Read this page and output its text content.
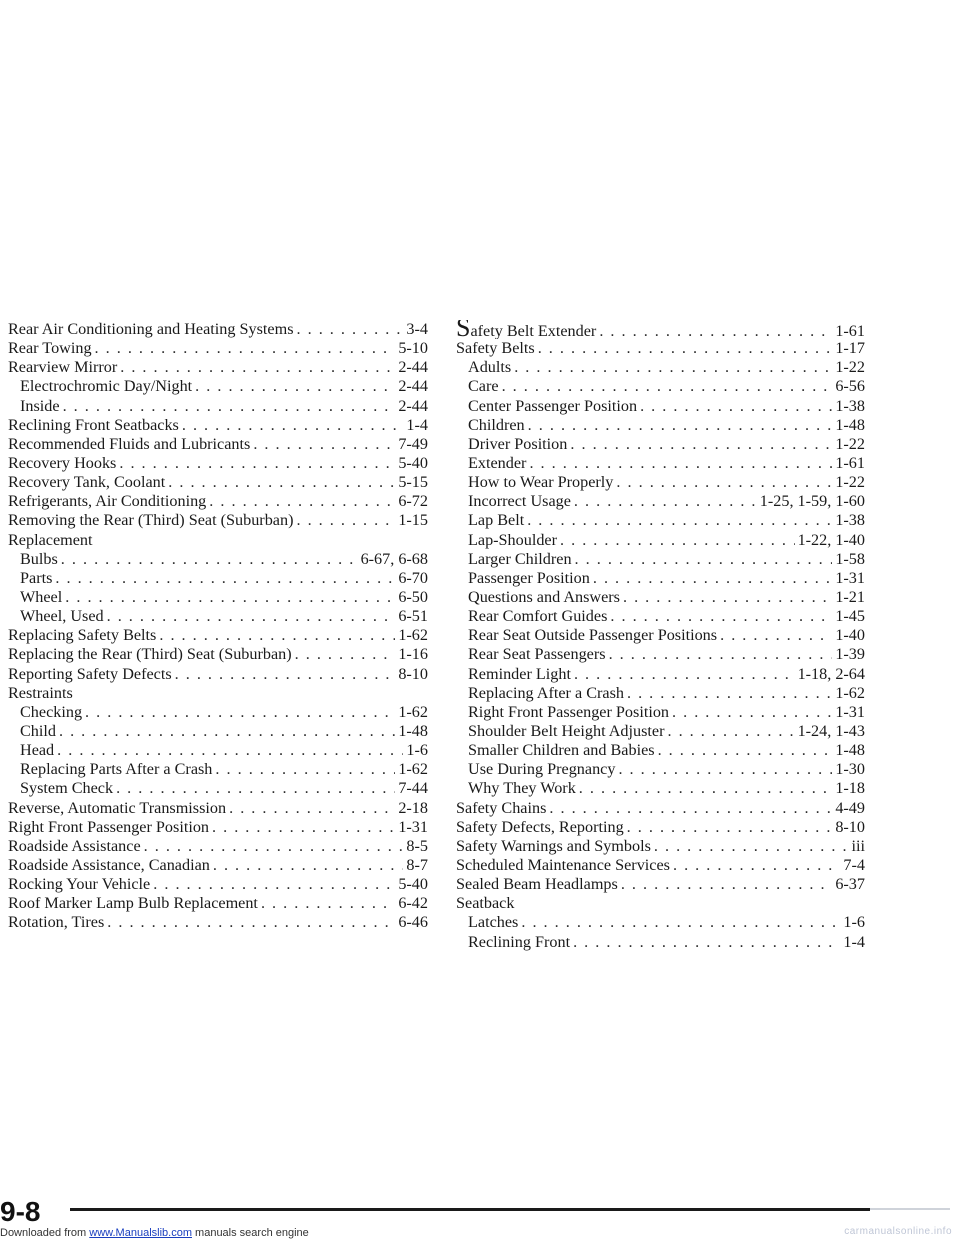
Rear Air Conditioning and Heating Systems . . .	3-4
Rear Towing . . .	5-10
Rearview Mirror . . .	2-44
Electrochromic Day/Night . . .	2-44
Inside . . .	2-44
Reclining Front Seatbacks . . .	1-4
Recommended Fluids and Lubricants . . .	7-49
Recovery Hooks . . .	5-40
Recovery Tank, Coolant . . .	5-15
Refrigerants, Air Conditioning . . .	6-72
Removing the Rear (Third) Seat (Suburban) . . .	1-15
Replacement
Bulbs . . .	6-67, 6-68
Parts . . .	6-70
Wheel . . .	6-50
Wheel, Used . . .	6-51
Replacing Safety Belts . . .	1-62
Replacing the Rear (Third) Seat (Suburban) . . .	1-16
Reporting Safety Defects . . .	8-10
Restraints
Checking . . .	1-62
Child . . .	1-48
Head . . .	1-6
Replacing Parts After a Crash . . .	1-62
System Check . . .	7-44
Reverse, Automatic Transmission . . .	2-18
Right Front Passenger Position . . .	1-31
Roadside Assistance . . .	8-5
Roadside Assistance, Canadian . . .	8-7
Rocking Your Vehicle . . .	5-40
Roof Marker Lamp Bulb Replacement . . .	6-42
Rotation, Tires . . .	6-46
Safety Belt Extender . . .	1-61
Safety Belts . . .	1-17
Adults . . .	1-22
Care . . .	6-56
Center Passenger Position . . .	1-38
Children . . .	1-48
Driver Position . . .	1-22
Extender . . .	1-61
How to Wear Properly . . .	1-22
Incorrect Usage . . .	1-25, 1-59, 1-60
Lap Belt . . .	1-38
Lap-Shoulder . . .	1-22, 1-40
Larger Children . . .	1-58
Passenger Position . . .	1-31
Questions and Answers . . .	1-21
Rear Comfort Guides . . .	1-45
Rear Seat Outside Passenger Positions . . .	1-40
Rear Seat Passengers . . .	1-39
Reminder Light . . .	1-18, 2-64
Replacing After a Crash . . .	1-62
Right Front Passenger Position . . .	1-31
Shoulder Belt Height Adjuster . . .	1-24, 1-43
Smaller Children and Babies . . .	1-48
Use During Pregnancy . . .	1-30
Why They Work . . .	1-18
Safety Chains . . .	4-49
Safety Defects, Reporting . . .	8-10
Safety Warnings and Symbols . . .	iii
Scheduled Maintenance Services . . .	7-4
Sealed Beam Headlamps . . .	6-37
Seatback
Latches . . .	1-6
Reclining Front . . .	1-4
9-8
Downloaded from www.Manualslib.com manuals search engine	carmanualsonline.info
